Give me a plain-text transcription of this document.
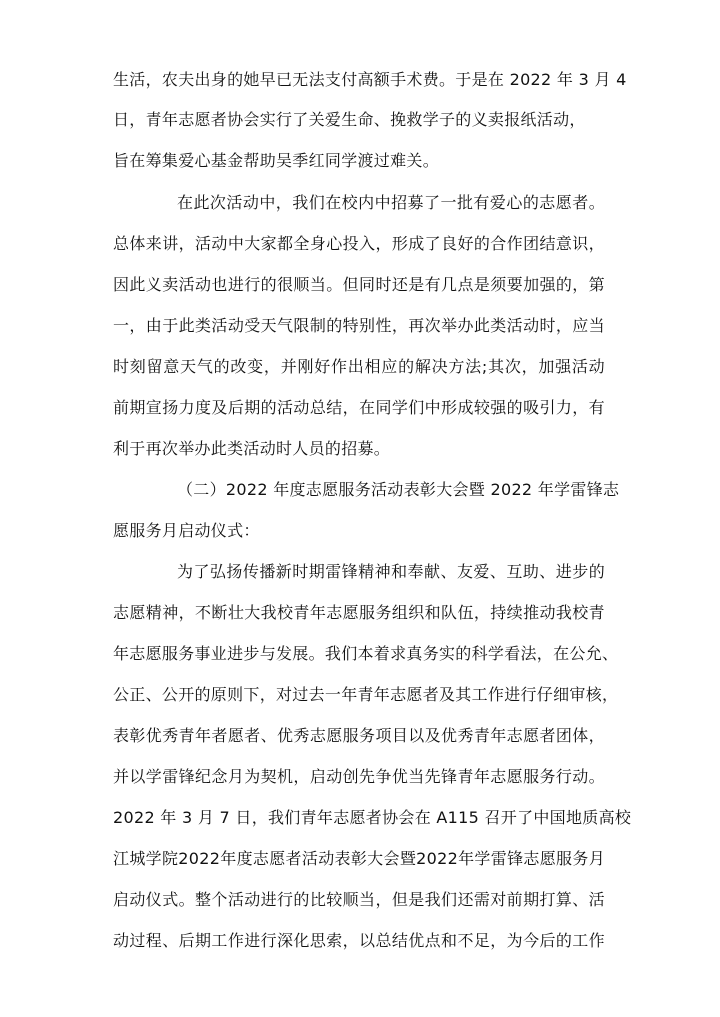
生活，农夫出身的她早已无法支付高额手术费。于是在 2022 年 3 月 4
日，青年志愿者协会实行了关爱生命、挽救学子的义卖报纸活动，
旨在筹集爱心基金帮助吴季红同学渡过难关。
在此次活动中，我们在校内中招募了一批有爱心的志愿者。
总体来讲，活动中大家都全身心投入，形成了良好的合作团结意识，
因此义卖活动也进行的很顺当。但同时还是有几点是须要加强的，第
一，由于此类活动受天气限制的特别性，再次举办此类活动时，应当
时刻留意天气的改变，并刚好作出相应的解决方法;其次，加强活动
前期宣扬力度及后期的活动总结，在同学们中形成较强的吸引力，有
利于再次举办此类活动时人员的招募。
（二）2022 年度志愿服务活动表彰大会暨 2022 年学雷锋志
愿服务月启动仪式：
为了弘扬传播新时期雷锋精神和奉献、友爱、互助、进步的
志愿精神，不断壮大我校青年志愿服务组织和队伍，持续推动我校青
年志愿服务事业进步与发展。我们本着求真务实的科学看法，在公允、
公正、公开的原则下，对过去一年青年志愿者及其工作进行仔细审核，
表彰优秀青年者愿者、优秀志愿服务项目以及优秀青年志愿者团体，
并以学雷锋纪念月为契机，启动创先争优当先锋青年志愿服务行动。
2022 年 3 月 7 日，我们青年志愿者协会在 A115 召开了中国地质高校
江城学院2022年度志愿者活动表彰大会暨2022年学雷锋志愿服务月
启动仪式。整个活动进行的比较顺当，但是我们还需对前期打算、活
动过程、后期工作进行深化思索，以总结优点和不足，为今后的工作
